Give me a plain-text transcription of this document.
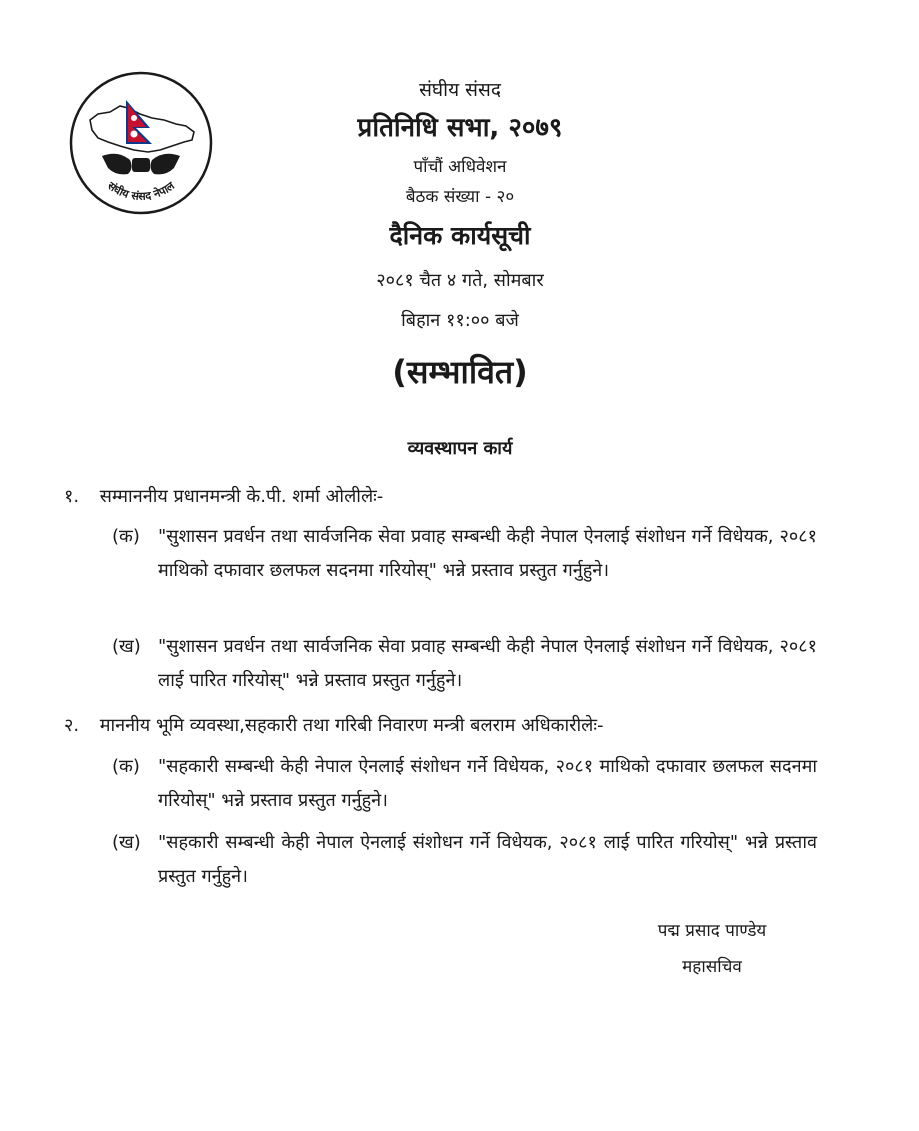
संघीय संसद नेपाल
संघीय संसद
प्रतिनिधि सभा, २०७९
पाँचौं अधिवेशन
बैठक संख्या - २०
दैनिक कार्यसूची
२०८१ चैत ४ गते, सोमबार
बिहान ११:०० बजे
(सम्भावित)
व्यवस्थापन कार्य
१. सम्माननीय प्रधानमन्त्री के.पी. शर्मा ओलीलेः-
(क)	"सुशासन प्रवर्धन तथा सार्वजनिक सेवा प्रवाह सम्बन्धी केही नेपाल ऐनलाई संशोधन गर्ने विधेयक, २०८१ माथिको दफावार छलफल सदनमा गरियोस्" भन्ने प्रस्ताव प्रस्तुत गर्नुहुने।
(ख) "सुशासन प्रवर्धन तथा सार्वजनिक सेवा प्रवाह सम्बन्धी केही नेपाल ऐनलाई संशोधन गर्ने विधेयक, २०८१ लाई पारित गरियोस्" भन्ने प्रस्ताव प्रस्तुत गर्नुहुने।
२. माननीय भूमि व्यवस्था,सहकारी तथा गरिबी निवारण मन्त्री बलराम अधिकारीलेः-
(क)	"सहकारी सम्बन्धी केही नेपाल ऐनलाई संशोधन गर्ने विधेयक, २०८१ माथिको दफावार छलफल सदनमा गरियोस्" भन्ने प्रस्ताव प्रस्तुत गर्नुहुने।
(ख) "सहकारी सम्बन्धी केही नेपाल ऐनलाई संशोधन गर्ने विधेयक, २०८१ लाई पारित गरियोस्" भन्ने प्रस्ताव प्रस्तुत गर्नुहुने।
पद्म प्रसाद पाण्डेय
महासचिव
